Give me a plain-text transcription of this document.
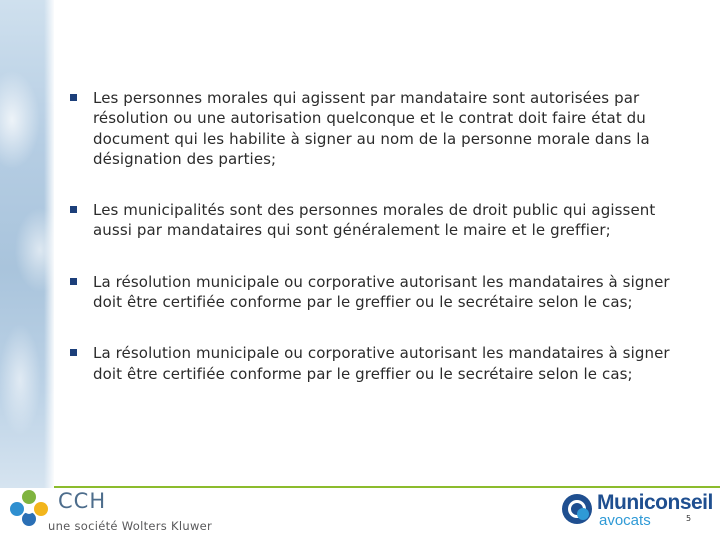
Les personnes morales qui agissent par mandataire sont autorisées par résolution ou une autorisation quelconque et le contrat doit faire état du document qui les habilite à signer au nom de la personne morale dans la désignation des parties;
Les municipalités sont des personnes morales de droit public qui agissent aussi par mandataires qui sont généralement le maire et le greffier;
La résolution municipale ou corporative autorisant les mandataires à signer doit être certifiée conforme par le greffier ou le secrétaire selon le cas;
La résolution municipale ou corporative autorisant les mandataires à signer doit être certifiée conforme par le greffier ou le secrétaire selon le cas;
CCH
une société Wolters Kluwer
Municonseil
avocats	5
